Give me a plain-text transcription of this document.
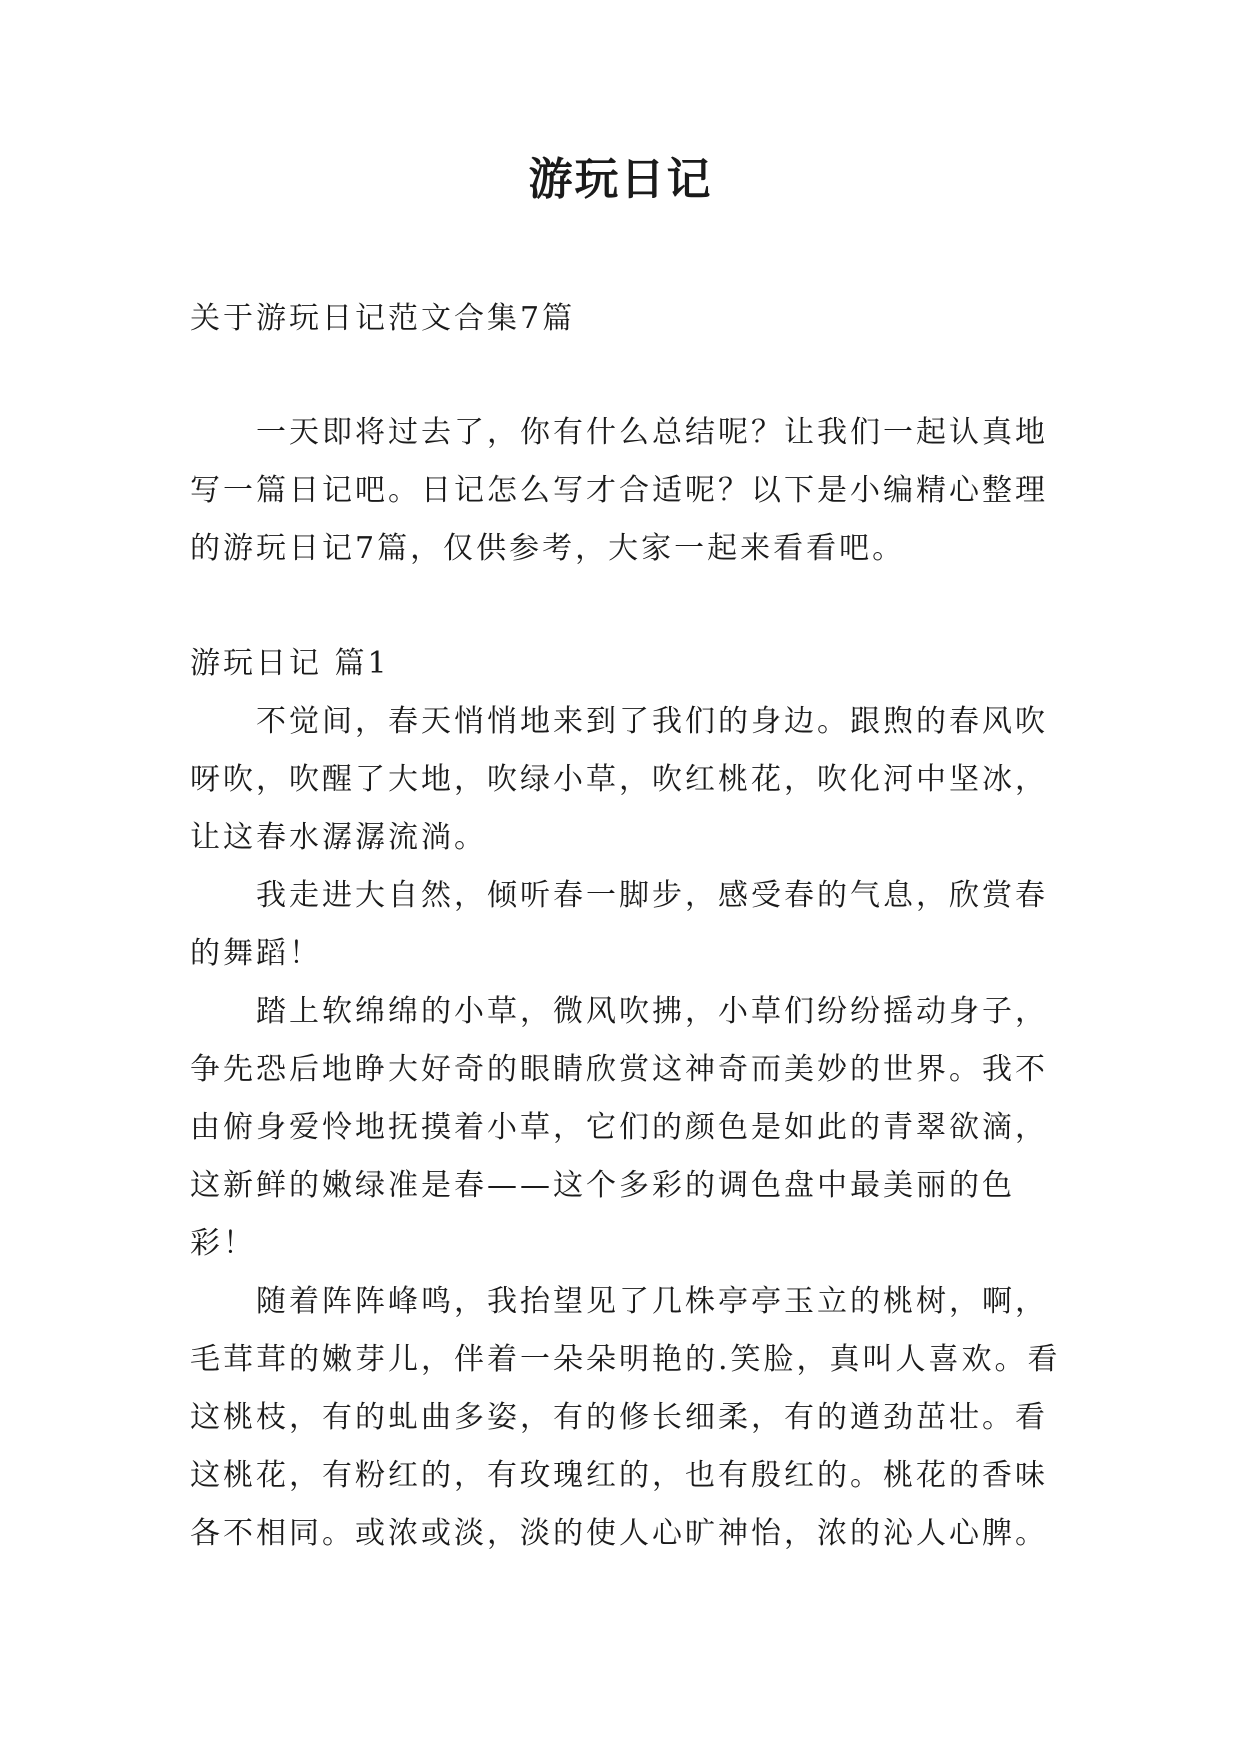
游玩日记
关于游玩日记范文合集7篇

一天即将过去了，你有什么总结呢？让我们一起认真地写一篇日记吧。日记怎么写才合适呢？以下是小编精心整理的游玩日记7篇，仅供参考，大家一起来看看吧。

游玩日记 篇1

不觉间，春天悄悄地来到了我们的身边。跟煦的春风吹呀吹，吹醒了大地，吹绿小草，吹红桃花，吹化河中坚冰，让这春水潺潺流淌。

我走进大自然，倾听春一脚步，感受春的气息，欣赏春的舞蹈！

踏上软绵绵的小草，微风吹拂，小草们纷纷摇动身子，争先恐后地睁大好奇的眼睛欣赏这神奇而美妙的世界。我不由俯身爱怜地抚摸着小草，它们的颜色是如此的青翠欲滴，这新鲜的嫩绿准是春——这个多彩的调色盘中最美丽的色彩！

随着阵阵峰鸣，我抬望见了几株亭亭玉立的桃树，啊，毛茸茸的嫩芽儿，伴着一朵朵明艳的.笑脸，真叫人喜欢。看这桃枝，有的虬曲多姿，有的修长细柔，有的遒劲茁壮。看这桃花，有粉红的，有玫瑰红的，也有殷红的。桃花的香味各不相同。或浓或淡，淡的使人心旷神怡，浓的沁人心脾。
